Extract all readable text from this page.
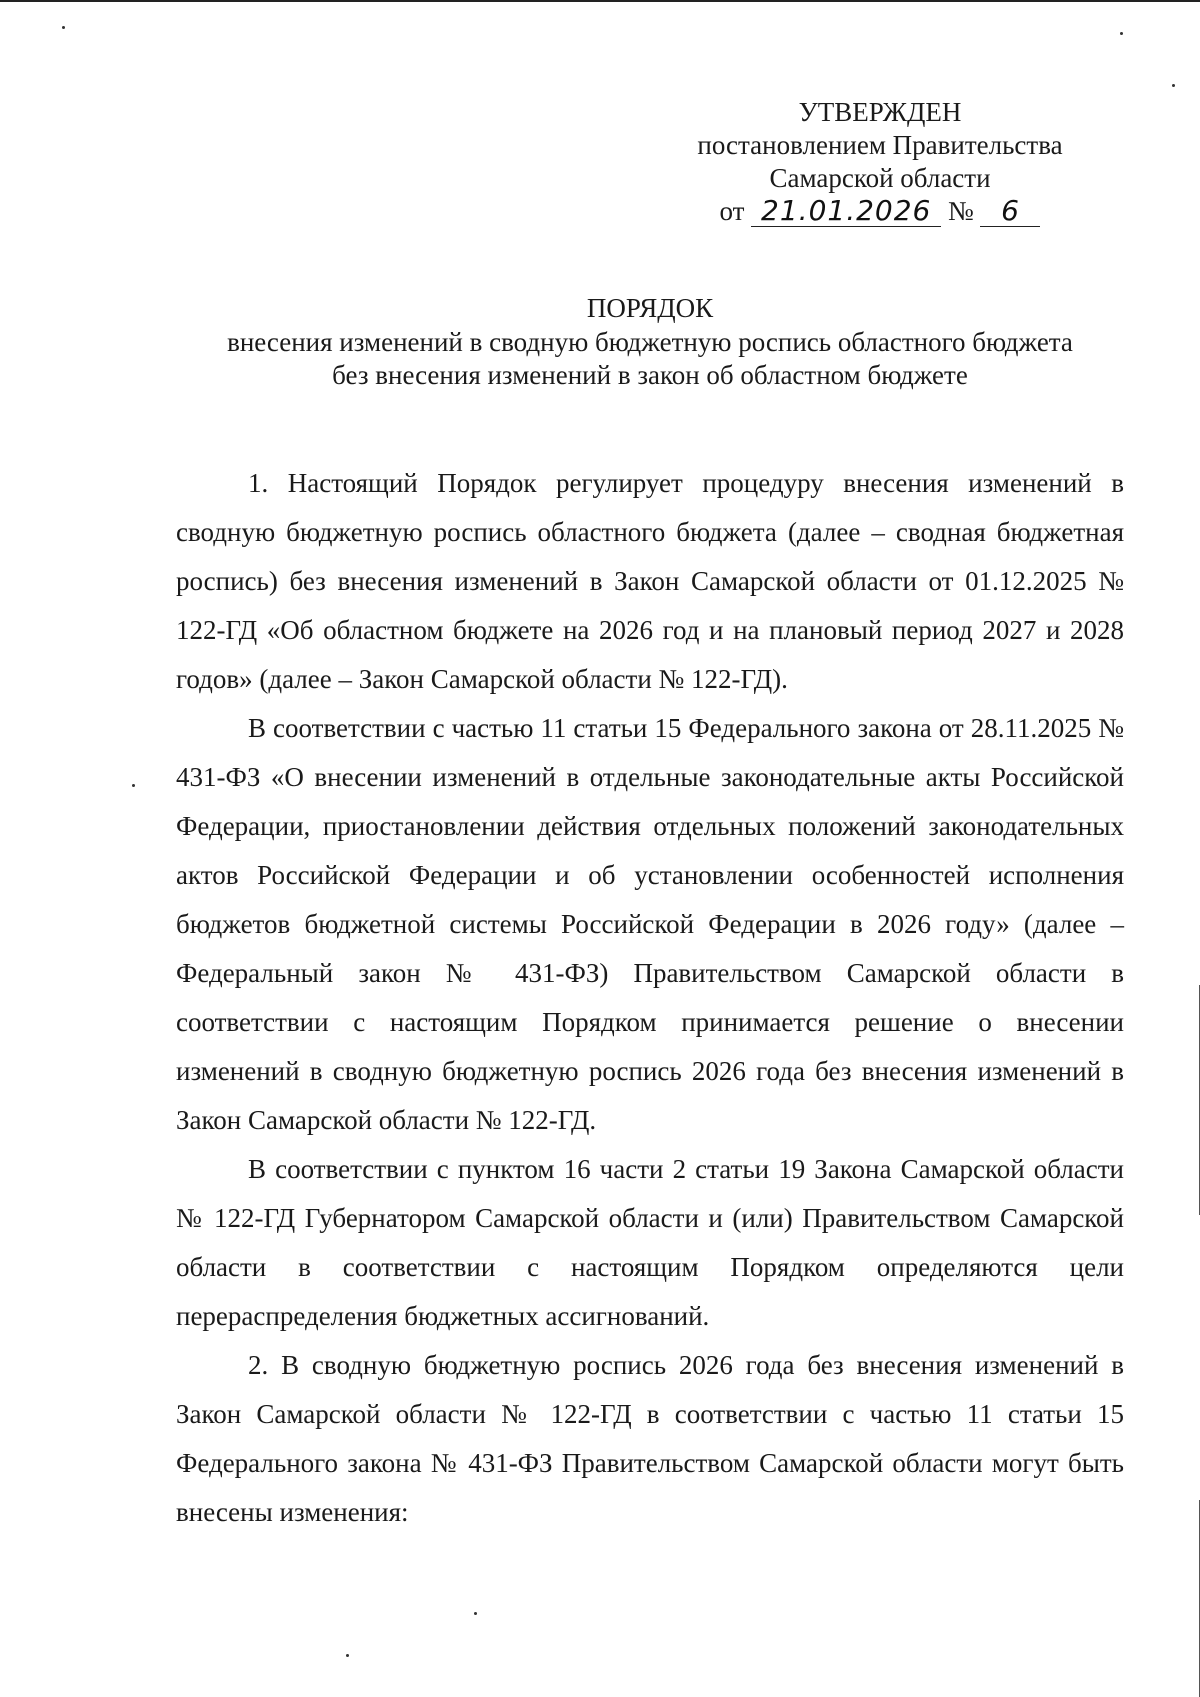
УТВЕРЖДЕН
постановлением Правительства
Самарской области
от 21.01.2026 № 6
ПОРЯДОК
внесения изменений в сводную бюджетную роспись областного бюджета
без внесения изменений в закон об областном бюджете

1. Настоящий Порядок регулирует процедуру внесения изменений в сводную бюджетную роспись областного бюджета (далее – сводная бюджетная роспись) без внесения изменений в Закон Самарской области от 01.12.2025 № 122-ГД «Об областном бюджете на 2026 год и на плановый период 2027 и 2028 годов» (далее – Закон Самарской области № 122-ГД).

В соответствии с частью 11 статьи 15 Федерального закона от 28.11.2025 № 431-ФЗ «О внесении изменений в отдельные законодательные акты Российской Федерации, приостановлении действия отдельных положений законодательных актов Российской Федерации и об установлении особенностей исполнения бюджетов бюджетной системы Российской Федерации в 2026 году» (далее – Федеральный закон № 431-ФЗ) Правительством Самарской области в соответствии с настоящим Порядком принимается решение о внесении изменений в сводную бюджетную роспись 2026 года без внесения изменений в Закон Самарской области № 122-ГД.

В соответствии с пунктом 16 части 2 статьи 19 Закона Самарской области № 122-ГД Губернатором Самарской области и (или) Правительством Самарской области в соответствии с настоящим Порядком определяются цели перераспределения бюджетных ассигнований.

2. В сводную бюджетную роспись 2026 года без внесения изменений в Закон Самарской области № 122-ГД в соответствии с частью 11 статьи 15 Федерального закона № 431-ФЗ Правительством Самарской области могут быть внесены изменения:
